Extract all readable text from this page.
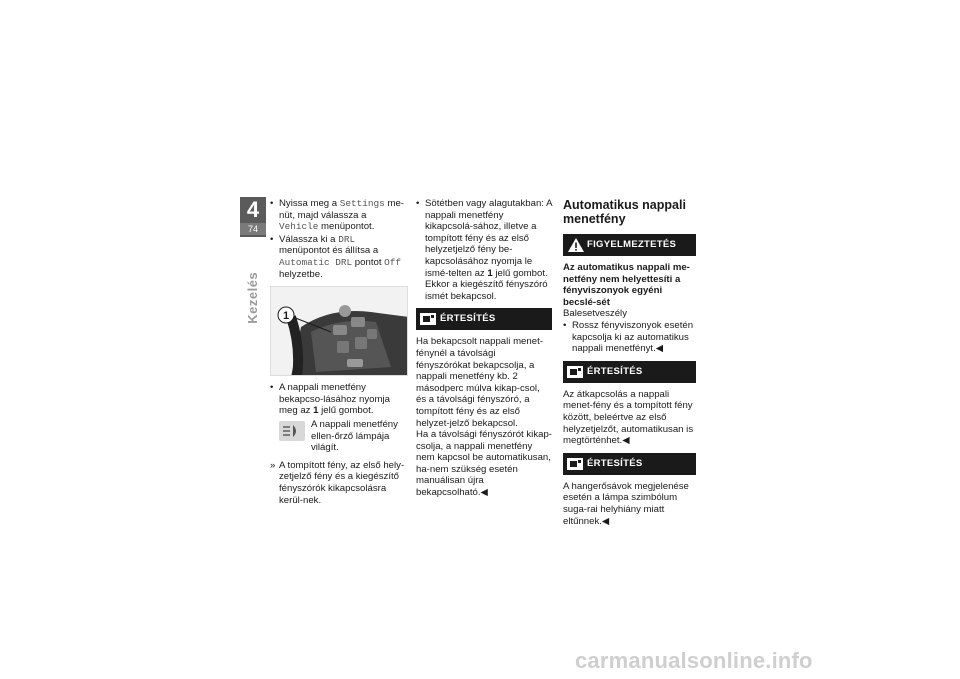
4
74
Kezelés
• Nyissa meg a Settings me-nüt, majd válassza a Vehicle menüpontot.
• Válassza ki a DRL menüpontot és állítsa a Automatic DRL pontot Off helyzetbe.
1
• A nappali menetfény bekapcso-lásához nyomja meg az 1 jelű gombot.
A nappali menetfény ellen-őrző lámpája világít.
» A tompított fény, az első hely-zetjelző fény és a kiegészítő fényszórók kikapcsolásra kerül-nek.
• Sötétben vagy alagutakban: A nappali menetfény kikapcsolá-sához, illetve a tompított fény és az első helyzetjelző fény be-kapcsolásához nyomja le ismé-telten az 1 jelű gombot. Ekkor a kiegészítő fényszóró ismét bekapcsol.
ÉRTESÍTÉS
Ha bekapcsolt nappali menet-fénynél a távolsági fényszórókat bekapcsolja, a nappali menetfény kb. 2 másodperc múlva kikap-csol, és a távolsági fényszóró, a tompított fény és az első helyzet-jelző bekapcsol.
Ha a távolsági fényszórót kikap-csolja, a nappali menetfény nem kapcsol be automatikusan, ha-nem szükség esetén manuálisan újra bekapcsolható.◀
Automatikus nappali menetfény
FIGYELMEZTETÉS
Az automatikus nappali me-netfény nem helyettesíti a fényviszonyok egyéni becslé-sét
Balesetveszély
• Rossz fényviszonyok esetén kapcsolja ki az automatikus nappali menetfényt.◀
ÉRTESÍTÉS
Az átkapcsolás a nappali menet-fény és a tompított fény között, beleértve az első helyzetjelzőt, automatikusan is megtörténhet.◀
ÉRTESÍTÉS
A hangerősávok megjelenése esetén a lámpa szimbólum suga-rai helyhiány miatt eltűnnek.◀
carmanualsonline.info
